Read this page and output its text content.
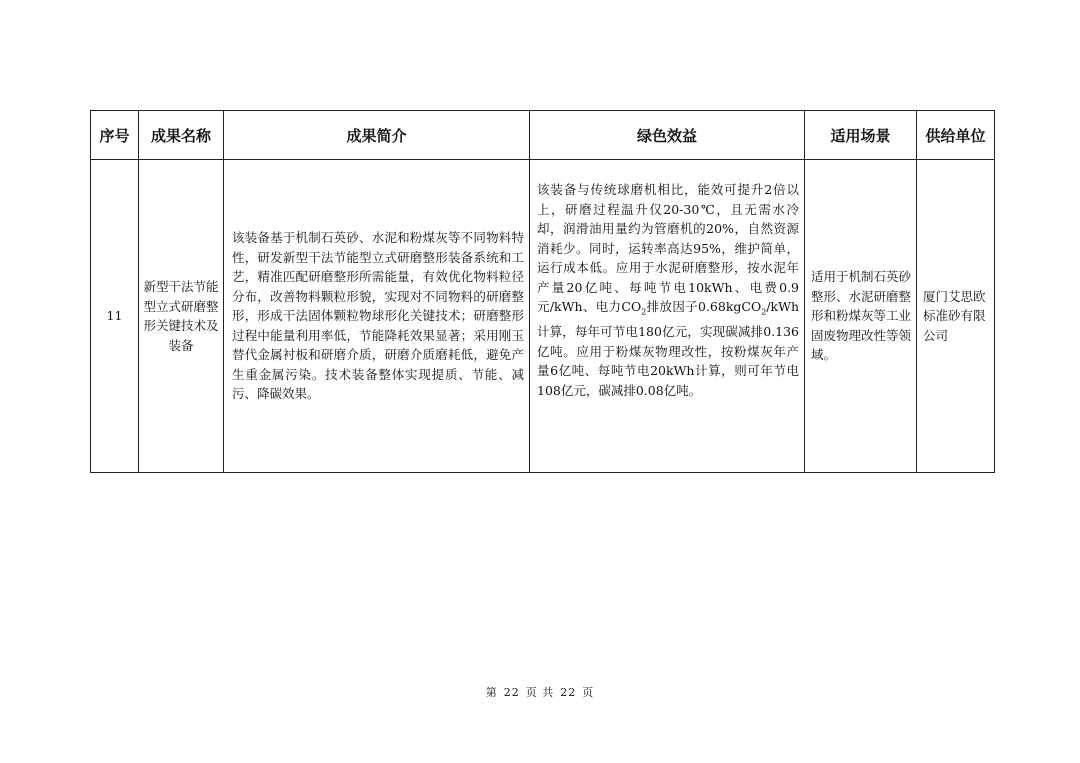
序号	成果名称	成果简介	绿色效益	适用场景	供给单位
11	新型干法节能型立式研磨整形关键技术及装备	该装备基于机制石英砂、水泥和粉煤灰等不同物料特性，研发新型干法节能型立式研磨整形装备系统和工艺，精准匹配研磨整形所需能量，有效优化物料粒径分布，改善物料颗粒形貌，实现对不同物料的研磨整形，形成干法固体颗粒物球形化关键技术；研磨整形过程中能量利用率低，节能降耗效果显著；采用刚玉替代金属衬板和研磨介质，研磨介质磨耗低，避免产生重金属污染。技术装备整体实现提质、节能、减污、降碳效果。	该装备与传统球磨机相比，能效可提升2倍以上，研磨过程温升仅20-30℃，且无需水冷却，润滑油用量约为管磨机的20%，自然资源消耗少。同时，运转率高达95%，维护简单，运行成本低。应用于水泥研磨整形，按水泥年产量20亿吨、每吨节电10kWh、电费0.9元/kWh、电力$CO_2$排放因子0.68kgCO$_2$/kWh计算，每年可节电180亿元，实现碳减排0.136亿吨。应用于粉煤灰物理改性，按粉煤灰年产量6亿吨、每吨节电20kWh计算，则可年节电108亿元，碳减排0.08亿吨。	适用于机制石英砂整形、水泥研磨整形和粉煤灰等工业固废物理改性等领域。	厦门艾思欧标准砂有限公司
第 22 页 共 22 页
